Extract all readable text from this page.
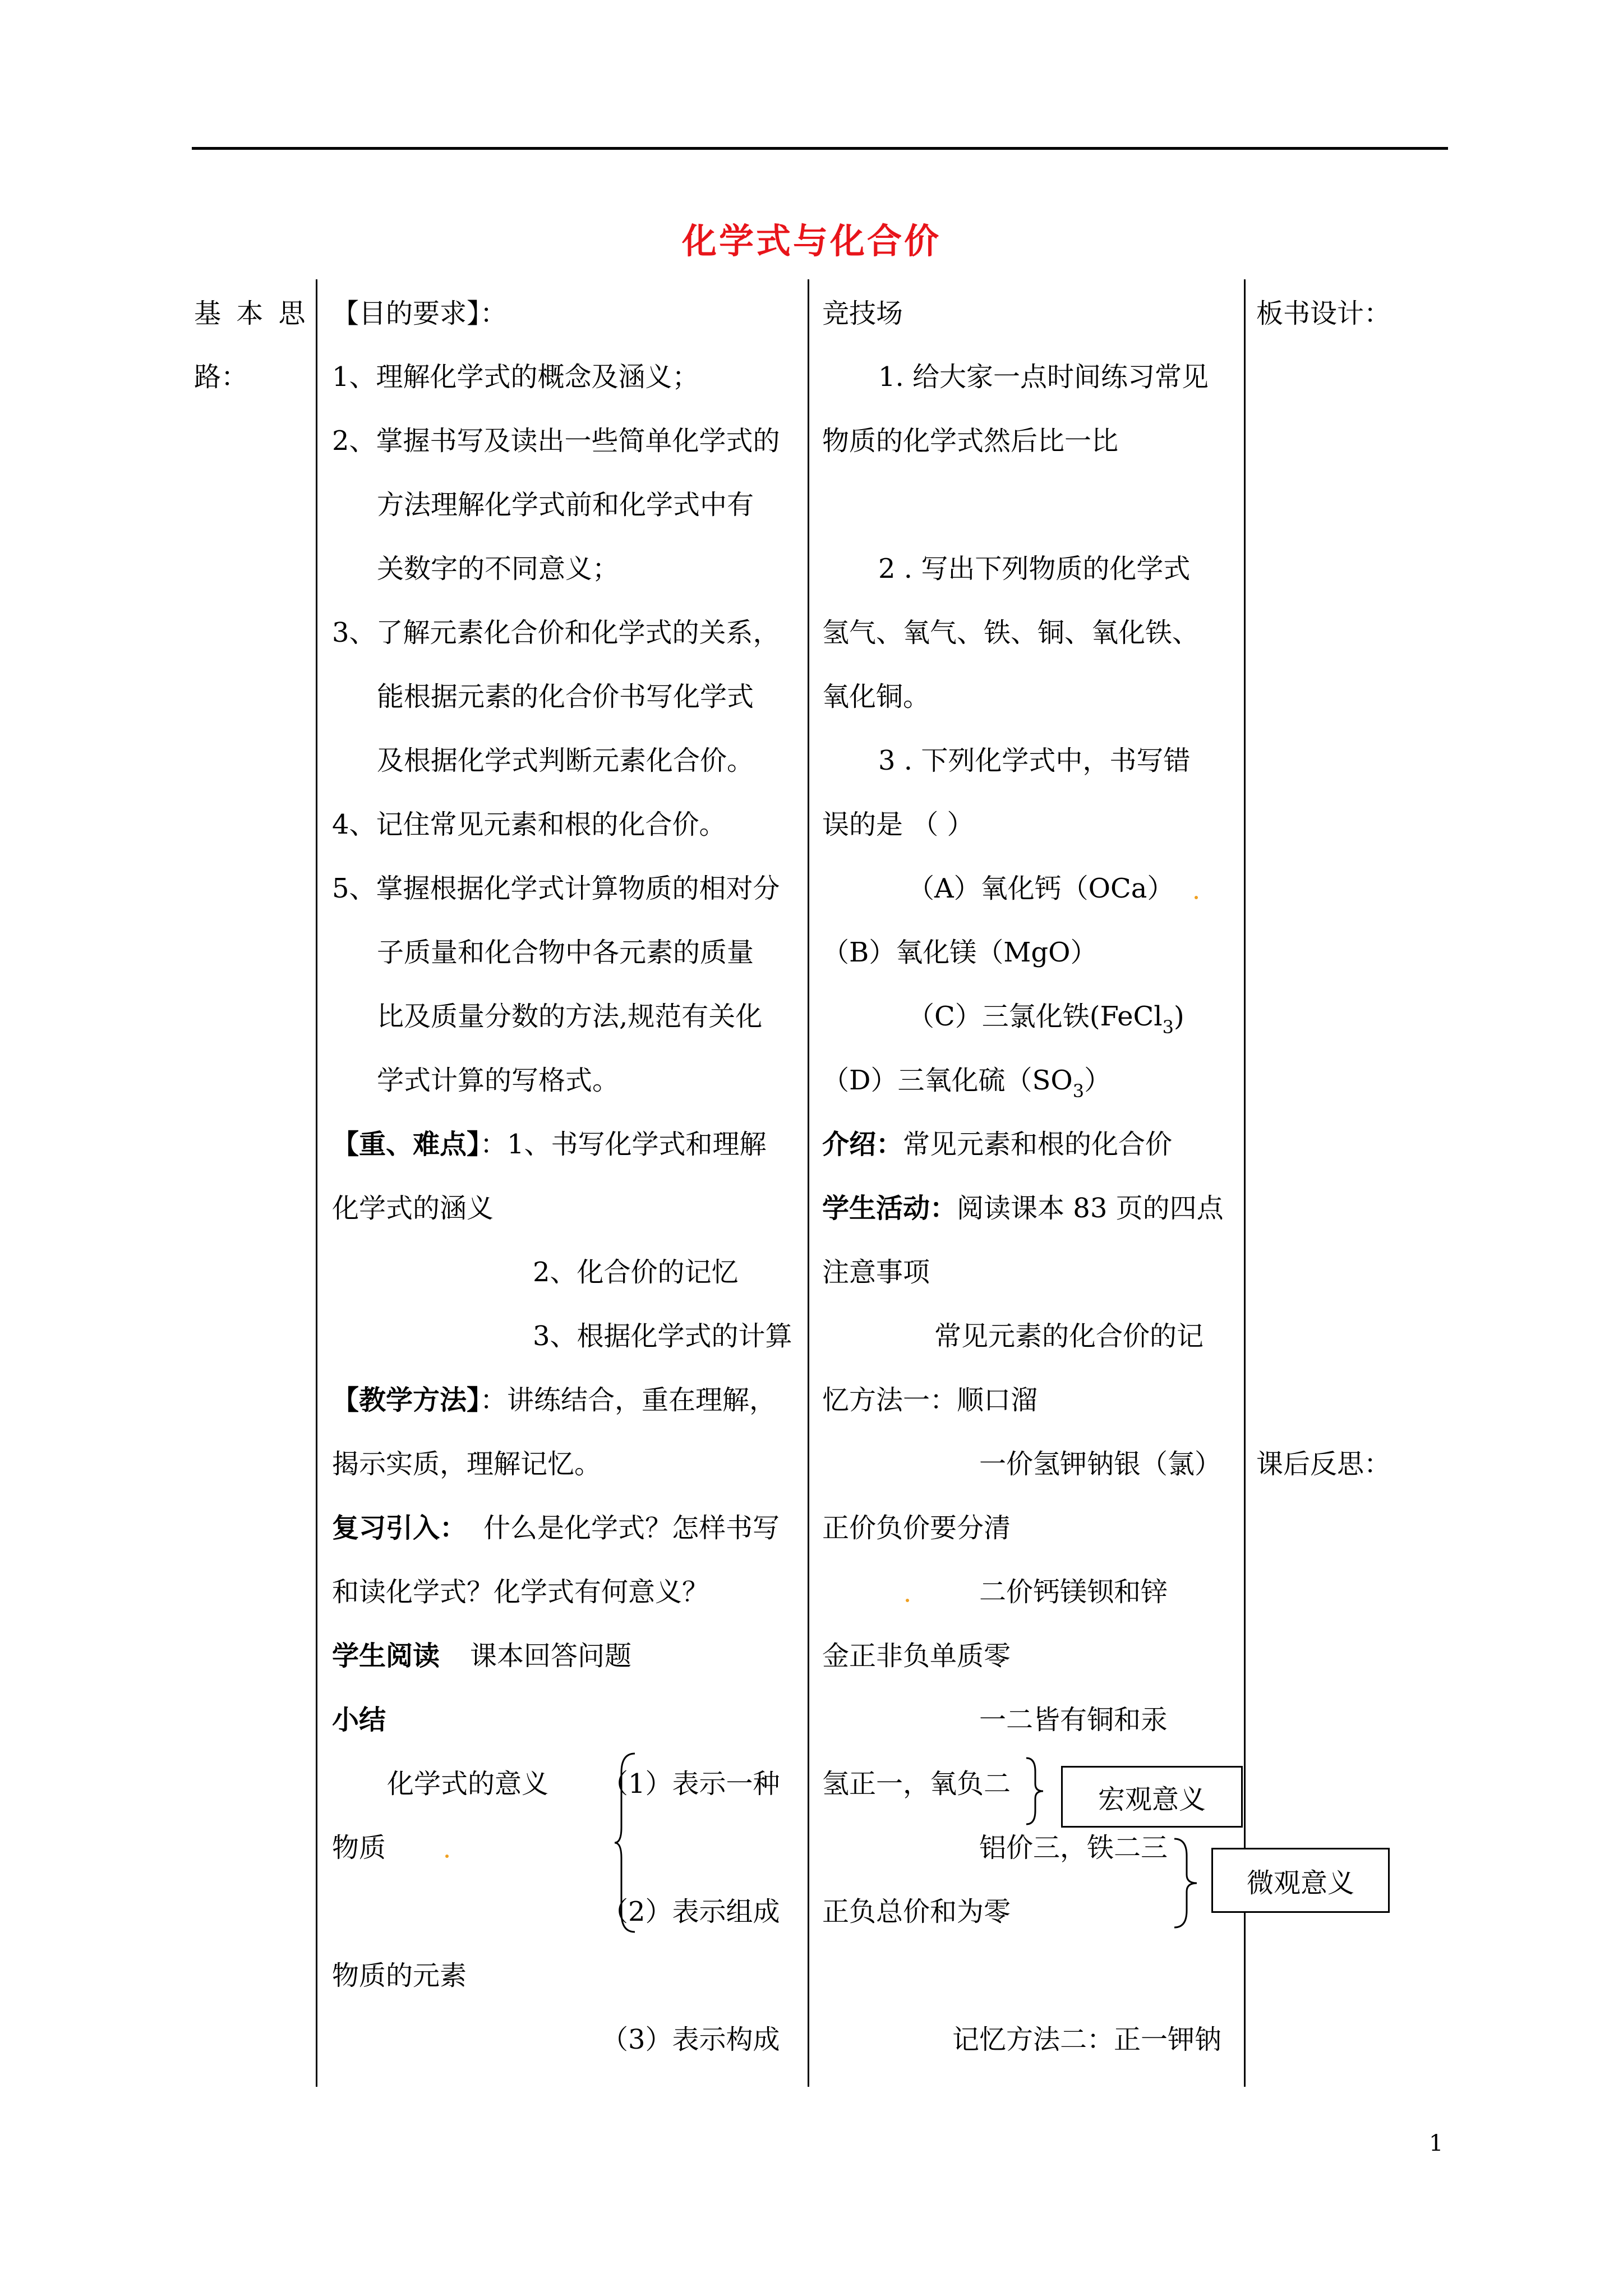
化学式与化合价
基 本 思
路：
【目的要求】：
1、理解化学式的概念及涵义；
2、掌握书写及读出一些简单化学式的
方法理解化学式前和化学式中有
关数字的不同意义；
3、了解元素化合价和化学式的关系，
能根据元素的化合价书写化学式
及根据化学式判断元素化合价。
4、记住常见元素和根的化合价。
5、掌握根据化学式计算物质的相对分
子质量和化合物中各元素的质量
比及质量分数的方法,规范有关化
学式计算的写格式。
【重、难点】：1、书写化学式和理解
化学式的涵义
2、化合价的记忆
3、根据化学式的计算
【教学方法】：讲练结合，重在理解，
揭示实质，理解记忆。
复习引入： 什么是化学式？怎样书写
和读化学式？化学式有何意义？
学生阅读 课本回答问题
小结
化学式的意义
物质
（1）表示一种
（2）表示组成
物质的元素
（3）表示构成
竞技场
1. 给大家一点时间练习常见
物质的化学式然后比一比
2 . 写出下列物质的化学式
氢气、氧气、铁、铜、氧化铁、
氧化铜。
3 . 下列化学式中，书写错
误的是 （ ）
（A）氧化钙（OCa）
（B）氧化镁（MgO）
（C）三氯化铁(FeCl$_3$)
（D）三氧化硫$(SO_3)$
介绍：常见元素和根的化合价
学生活动：阅读课本 83 页的四点
注意事项
常见元素的化合价的记
忆方法一：顺口溜
一价氢钾钠银（氯）
正价负价要分清
二价钙镁钡和锌
金正非负单质零
一二皆有铜和汞
氢正一，氧负二
铝价三，铁二三
正负总价和为零
记忆方法二：正一钾钠
板书设计：
课后反思：
宏观意义
微观意义
1
